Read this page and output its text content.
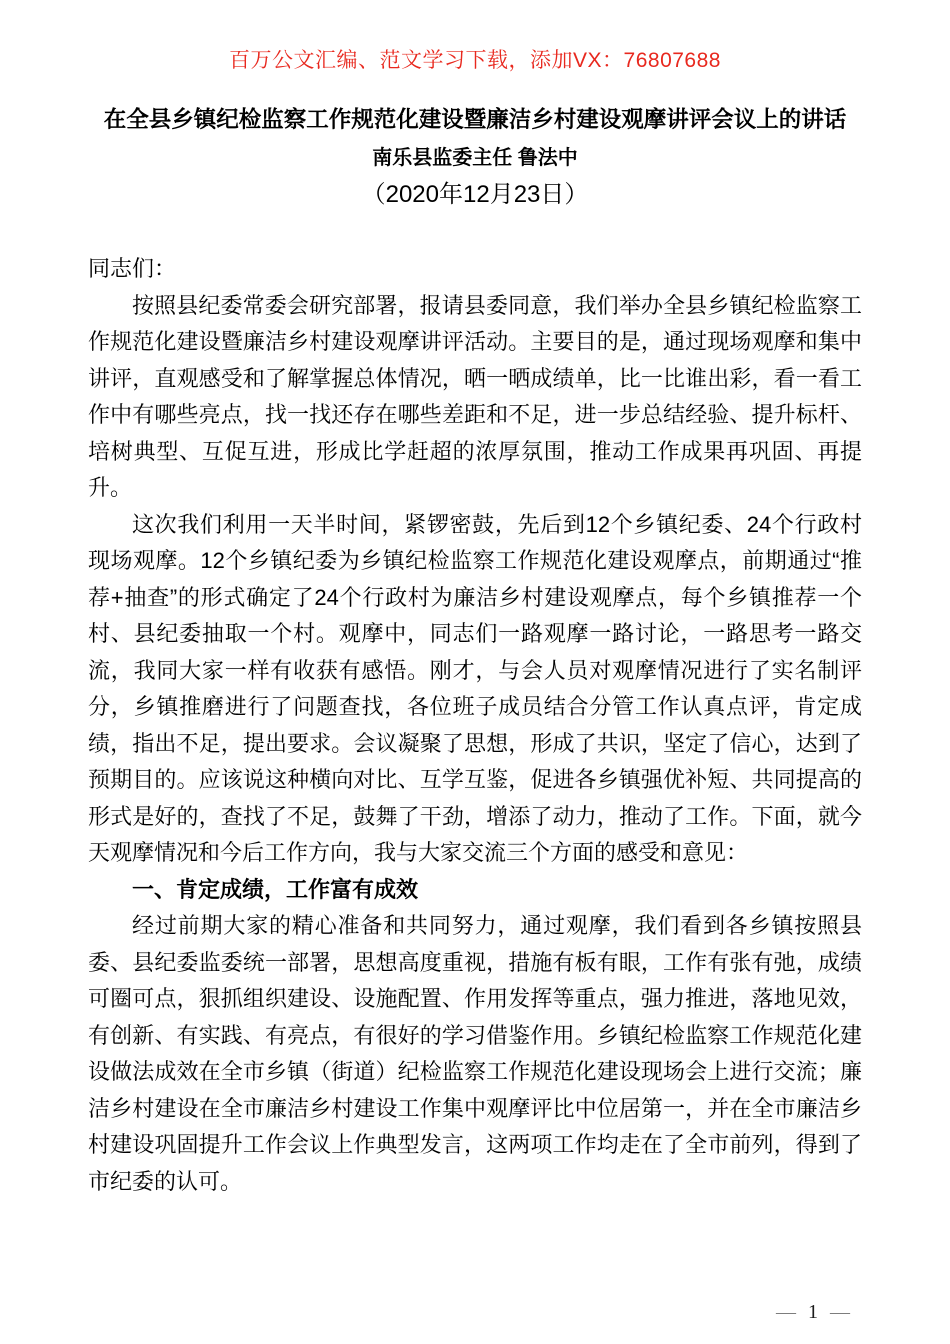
百万公文汇编、范文学习下载，添加VX：76807688
在全县乡镇纪检监察工作规范化建设暨廉洁乡村建设观摩讲评会议上的讲话
南乐县监委主任 鲁法中
（2020年12月23日）

同志们：

按照县纪委常委会研究部署，报请县委同意，我们举办全县乡镇纪检监察工作规范化建设暨廉洁乡村建设观摩讲评活动。主要目的是，通过现场观摩和集中讲评，直观感受和了解掌握总体情况，晒一晒成绩单，比一比谁出彩，看一看工作中有哪些亮点，找一找还存在哪些差距和不足，进一步总结经验、提升标杆、培树典型、互促互进，形成比学赶超的浓厚氛围，推动工作成果再巩固、再提升。

这次我们利用一天半时间，紧锣密鼓，先后到12个乡镇纪委、24个行政村现场观摩。12个乡镇纪委为乡镇纪检监察工作规范化建设观摩点，前期通过“推荐+抽查”的形式确定了24个行政村为廉洁乡村建设观摩点，每个乡镇推荐一个村、县纪委抽取一个村。观摩中，同志们一路观摩一路讨论，一路思考一路交流，我同大家一样有收获有感悟。刚才，与会人员对观摩情况进行了实名制评分，乡镇推磨进行了问题查找，各位班子成员结合分管工作认真点评，肯定成绩，指出不足，提出要求。会议凝聚了思想，形成了共识，坚定了信心，达到了预期目的。应该说这种横向对比、互学互鉴，促进各乡镇强优补短、共同提高的形式是好的，查找了不足，鼓舞了干劲，增添了动力，推动了工作。下面，就今天观摩情况和今后工作方向，我与大家交流三个方面的感受和意见：

一、肯定成绩，工作富有成效

经过前期大家的精心准备和共同努力，通过观摩，我们看到各乡镇按照县委、县纪委监委统一部署，思想高度重视，措施有板有眼，工作有张有弛，成绩可圈可点，狠抓组织建设、设施配置、作用发挥等重点，强力推进，落地见效，有创新、有实践、有亮点，有很好的学习借鉴作用。乡镇纪检监察工作规范化建设做法成效在全市乡镇（街道）纪检监察工作规范化建设现场会上进行交流；廉洁乡村建设在全市廉洁乡村建设工作集中观摩评比中位居第一，并在全市廉洁乡村建设巩固提升工作会议上作典型发言，这两项工作均走在了全市前列，得到了市纪委的认可。

— 1 —
